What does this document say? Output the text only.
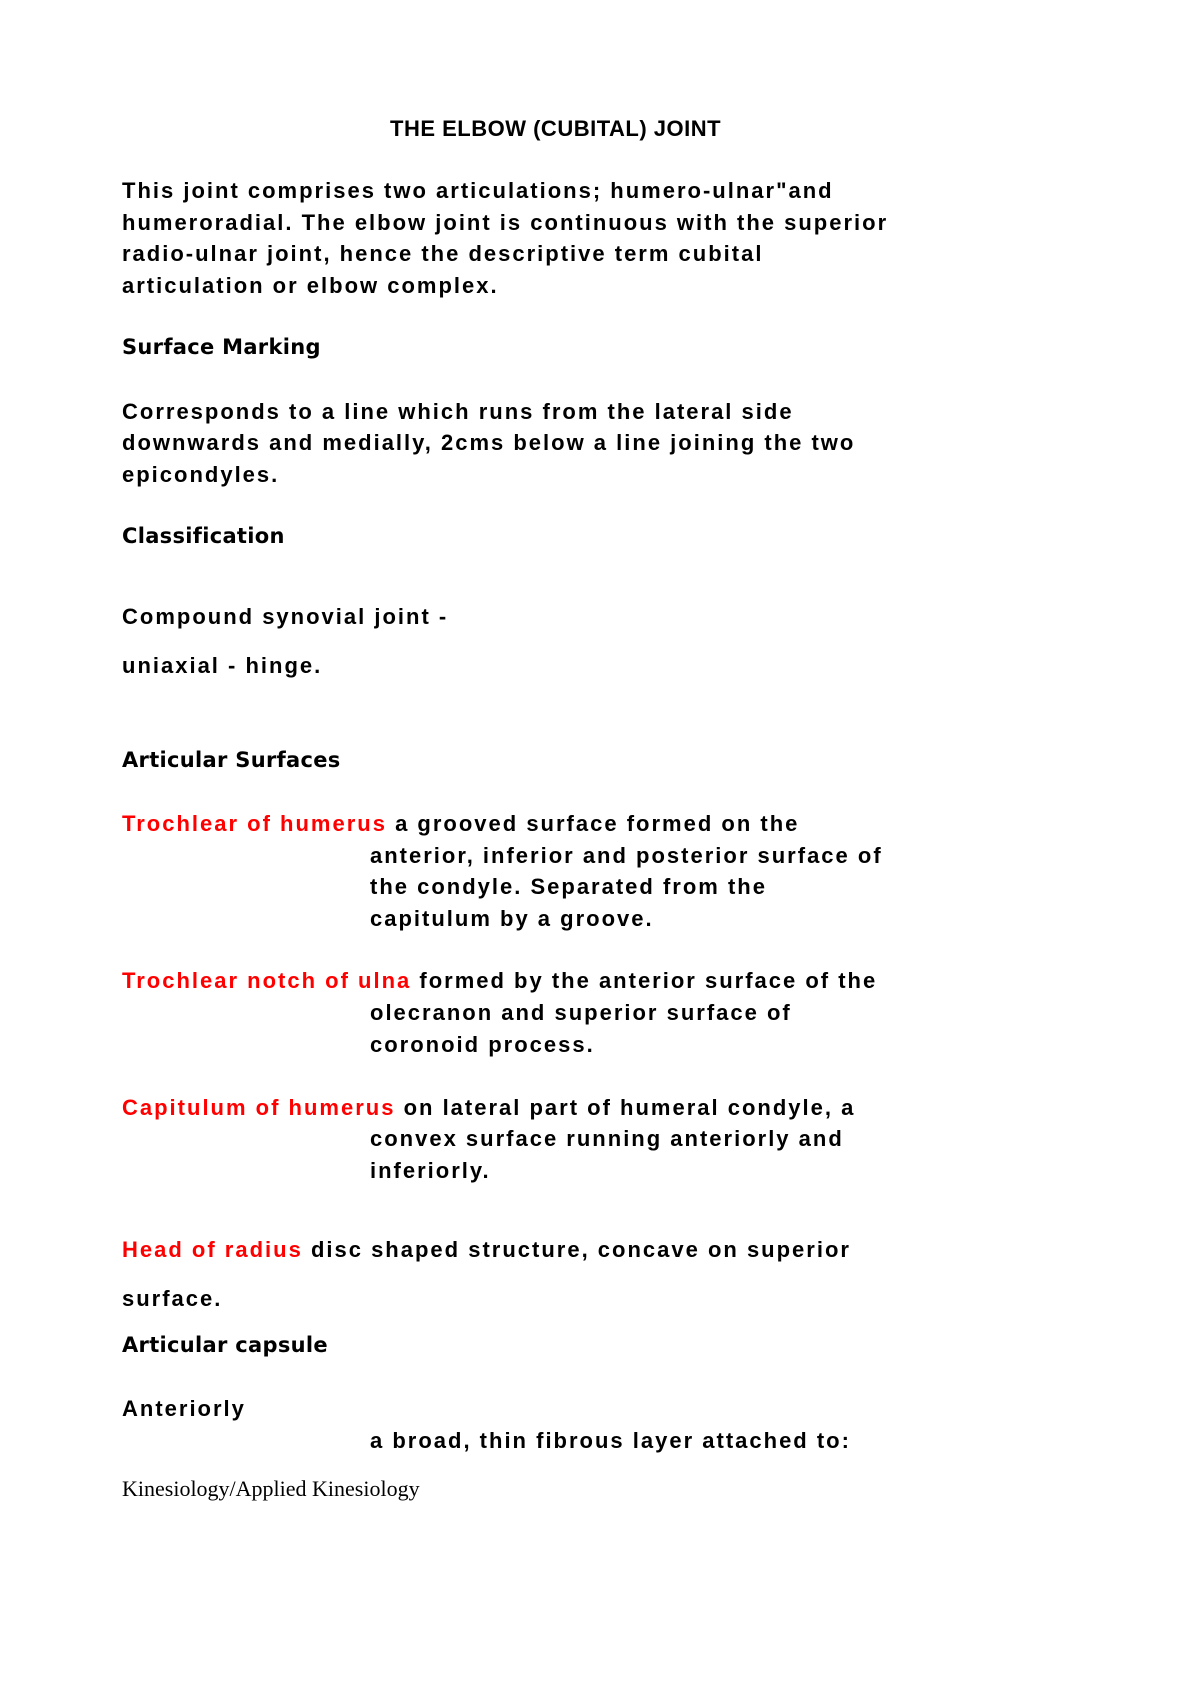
THE ELBOW (CUBITAL) JOINT
This joint comprises two articulations; humero-ulnar"and
humeroradial. The elbow joint is continuous with the superior
radio-ulnar joint, hence the descriptive term cubital
articulation or elbow complex.
Surface Marking
Corresponds to a line which runs from the lateral side
downwards and medially, 2cms below a line joining the two
epicondyles.
Classification
Compound synovial joint -
uniaxial - hinge.
Articular Surfaces
Trochlear of humerus a grooved surface formed on the
anterior, inferior and posterior surface of
the condyle. Separated from the
capitulum by a groove.
Trochlear notch of ulna formed by the anterior surface of the
olecranon and superior surface of
coronoid process.
Capitulum of humerus on lateral part of humeral condyle, a
convex surface running anteriorly and
inferiorly.
Head of radius disc shaped structure, concave on superior
surface.
Articular capsule
Anteriorly
a broad, thin fibrous layer attached to:
Kinesiology/Applied Kinesiology
